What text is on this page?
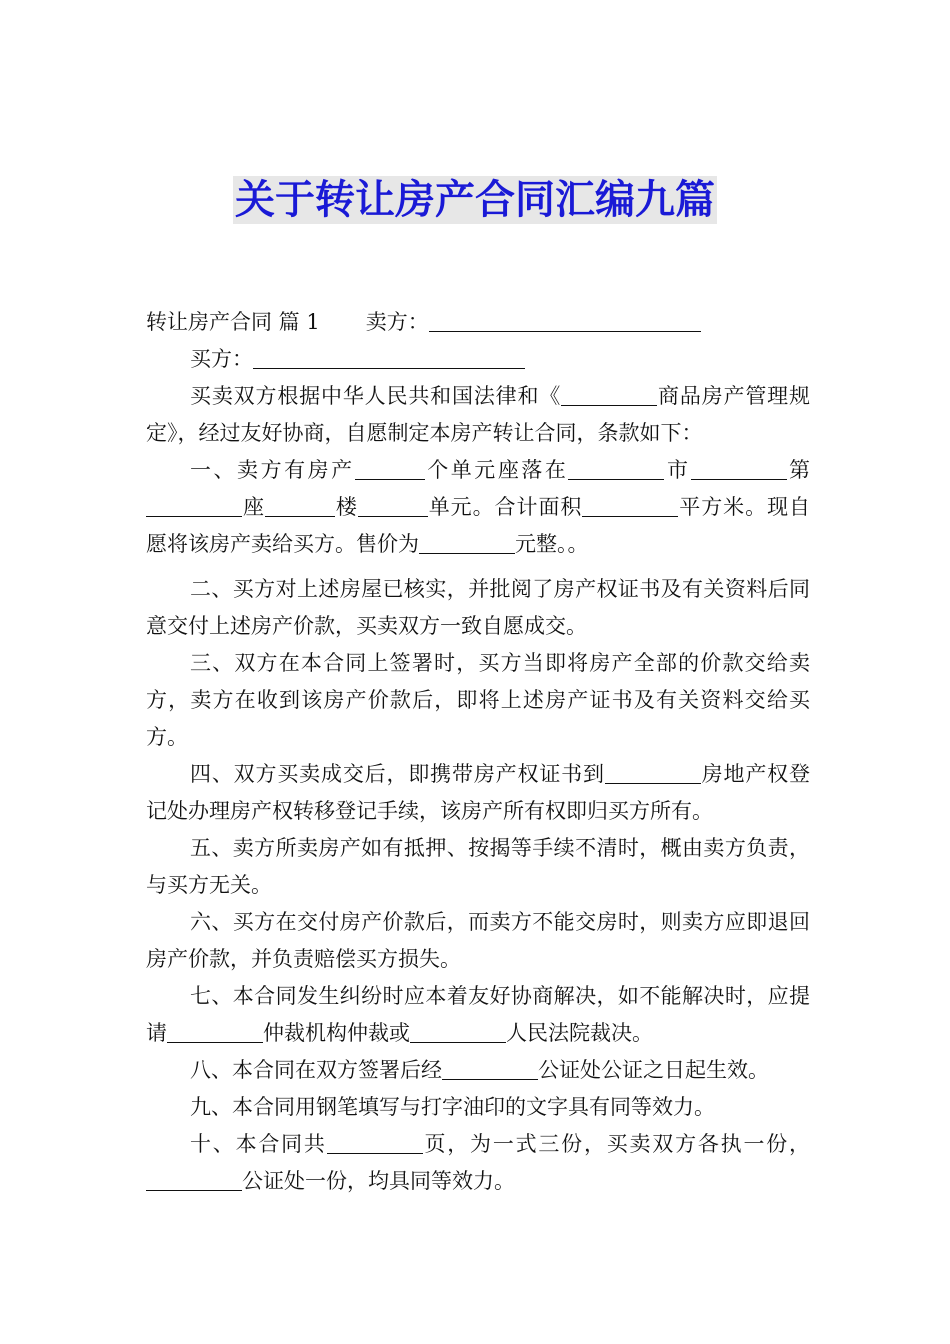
关于转让房产合同汇编九篇

转让房产合同 篇 1 卖方：

买方：

买卖双方根据中华人民共和国法律和《	商品房产管理规定》，经过友好协商，自愿制定本房产转让合同，条款如下：

一、卖方有房产	个单元座落在	市	第座	楼	单元。合计面积	平方米。现自愿将该房产卖给买方。售价为	元整。。

二、买方对上述房屋已核实，并批阅了房产权证书及有关资料后同意交付上述房产价款，买卖双方一致自愿成交。

三、双方在本合同上签署时，买方当即将房产全部的价款交给卖方，卖方在收到该房产价款后，即将上述房产证书及有关资料交给买方。

四、双方买卖成交后，即携带房产权证书到	房地产权登记处办理房产权转移登记手续，该房产所有权即归买方所有。

五、卖方所卖房产如有抵押、按揭等手续不清时，概由卖方负责，与买方无关。

六、买方在交付房产价款后，而卖方不能交房时，则卖方应即退回房产价款，并负责赔偿买方损失。

七、本合同发生纠纷时应本着友好协商解决，如不能解决时，应提请	仲裁机构仲裁或	人民法院裁决。

八、本合同在双方签署后经	公证处公证之日起生效。

九、本合同用钢笔填写与打字油印的文字具有同等效力。

十、本合同共	页，为一式三份，买卖双方各执一份，公证处一份，均具同等效力。
